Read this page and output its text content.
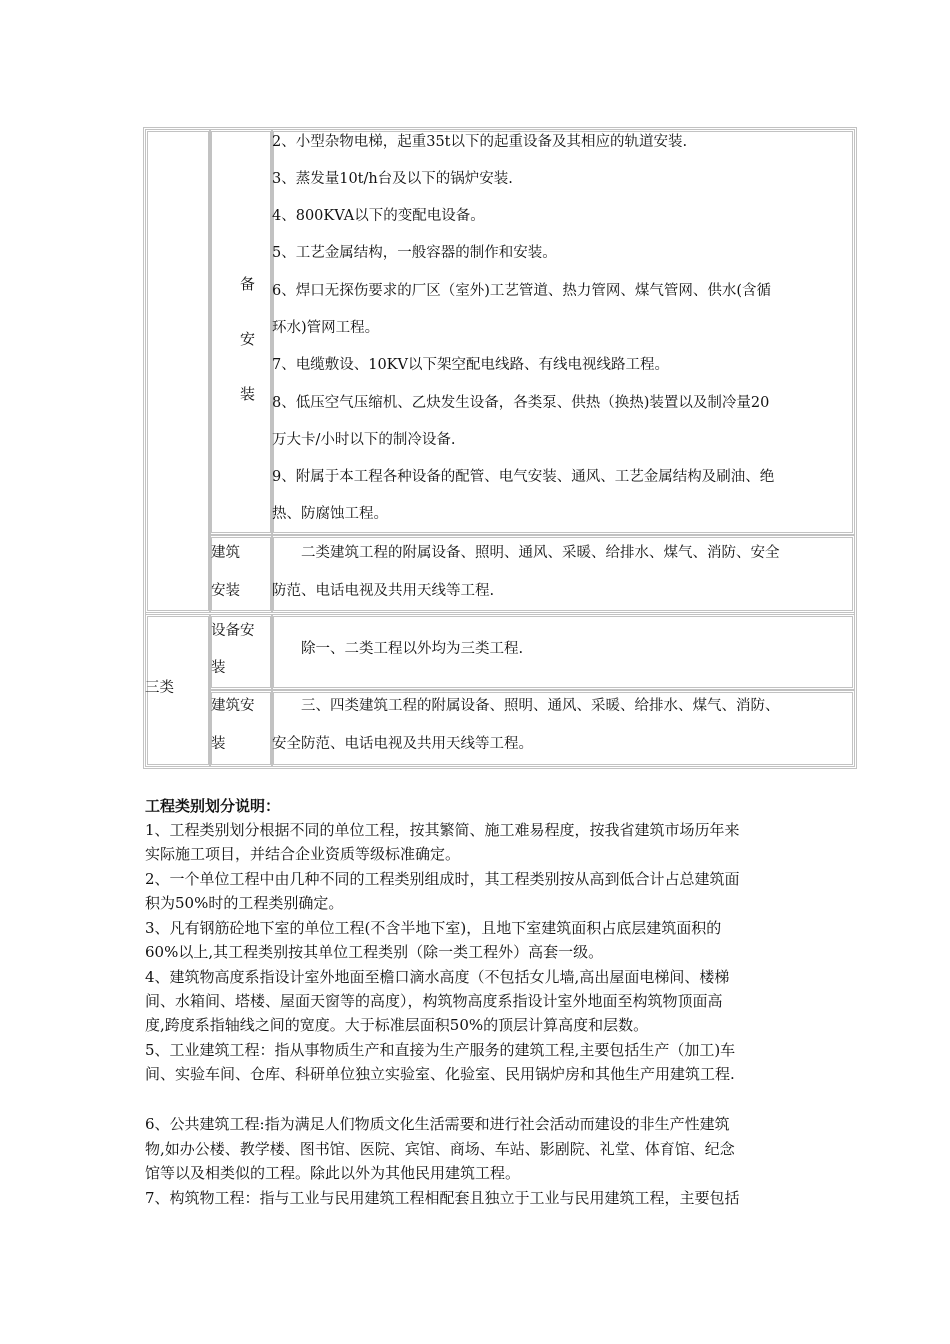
备
安
装
2、小型杂物电梯，起重35t以下的起重设备及其相应的轨道安装.
3、蒸发量10t/h台及以下的锅炉安装.
4、800KVA以下的变配电设备。
5、工艺金属结构，一般容器的制作和安装。
6、焊口无探伤要求的厂区（室外)工艺管道、热力管网、煤气管网、供水(含循
环水)管网工程。
7、电缆敷设、10KV以下架空配电线路、有线电视线路工程。
8、低压空气压缩机、乙炔发生设备，各类泵、供热（换热)装置以及制冷量20
万大卡/小时以下的制冷设备.
9、附属于本工程各种设备的配管、电气安装、通风、工艺金属结构及刷油、绝
热、防腐蚀工程。
建筑
安装
二类建筑工程的附属设备、照明、通风、采暖、给排水、煤气、消防、安全
防范、电话电视及共用天线等工程.
三类
设备安
装
除一、二类工程以外均为三类工程.
建筑安
装
三、四类建筑工程的附属设备、照明、通风、采暖、给排水、煤气、消防、
安全防范、电话电视及共用天线等工程。
工程类别划分说明：
1、工程类别划分根据不同的单位工程，按其繁简、施工难易程度，按我省建筑市场历年来
实际施工项目，并结合企业资质等级标准确定。
2、一个单位工程中由几种不同的工程类别组成时，其工程类别按从高到低合计占总建筑面
积为50%时的工程类别确定。
3、凡有钢筋砼地下室的单位工程(不含半地下室)，且地下室建筑面积占底层建筑面积的
60%以上,其工程类别按其单位工程类别（除一类工程外）高套一级。
4、建筑物高度系指设计室外地面至檐口滴水高度（不包括女儿墙,高出屋面电梯间、楼梯
间、水箱间、塔楼、屋面天窗等的高度），构筑物高度系指设计室外地面至构筑物顶面高
度,跨度系指轴线之间的宽度。大于标准层面积50%的顶层计算高度和层数。
5、工业建筑工程：指从事物质生产和直接为生产服务的建筑工程,主要包括生产（加工)车
间、实验车间、仓库、科研单位独立实验室、化验室、民用锅炉房和其他生产用建筑工程.
6、公共建筑工程:指为满足人们物质文化生活需要和进行社会活动而建设的非生产性建筑
物,如办公楼、教学楼、图书馆、医院、宾馆、商场、车站、影剧院、礼堂、体育馆、纪念
馆等以及相类似的工程。除此以外为其他民用建筑工程。
7、构筑物工程：指与工业与民用建筑工程相配套且独立于工业与民用建筑工程，主要包括
